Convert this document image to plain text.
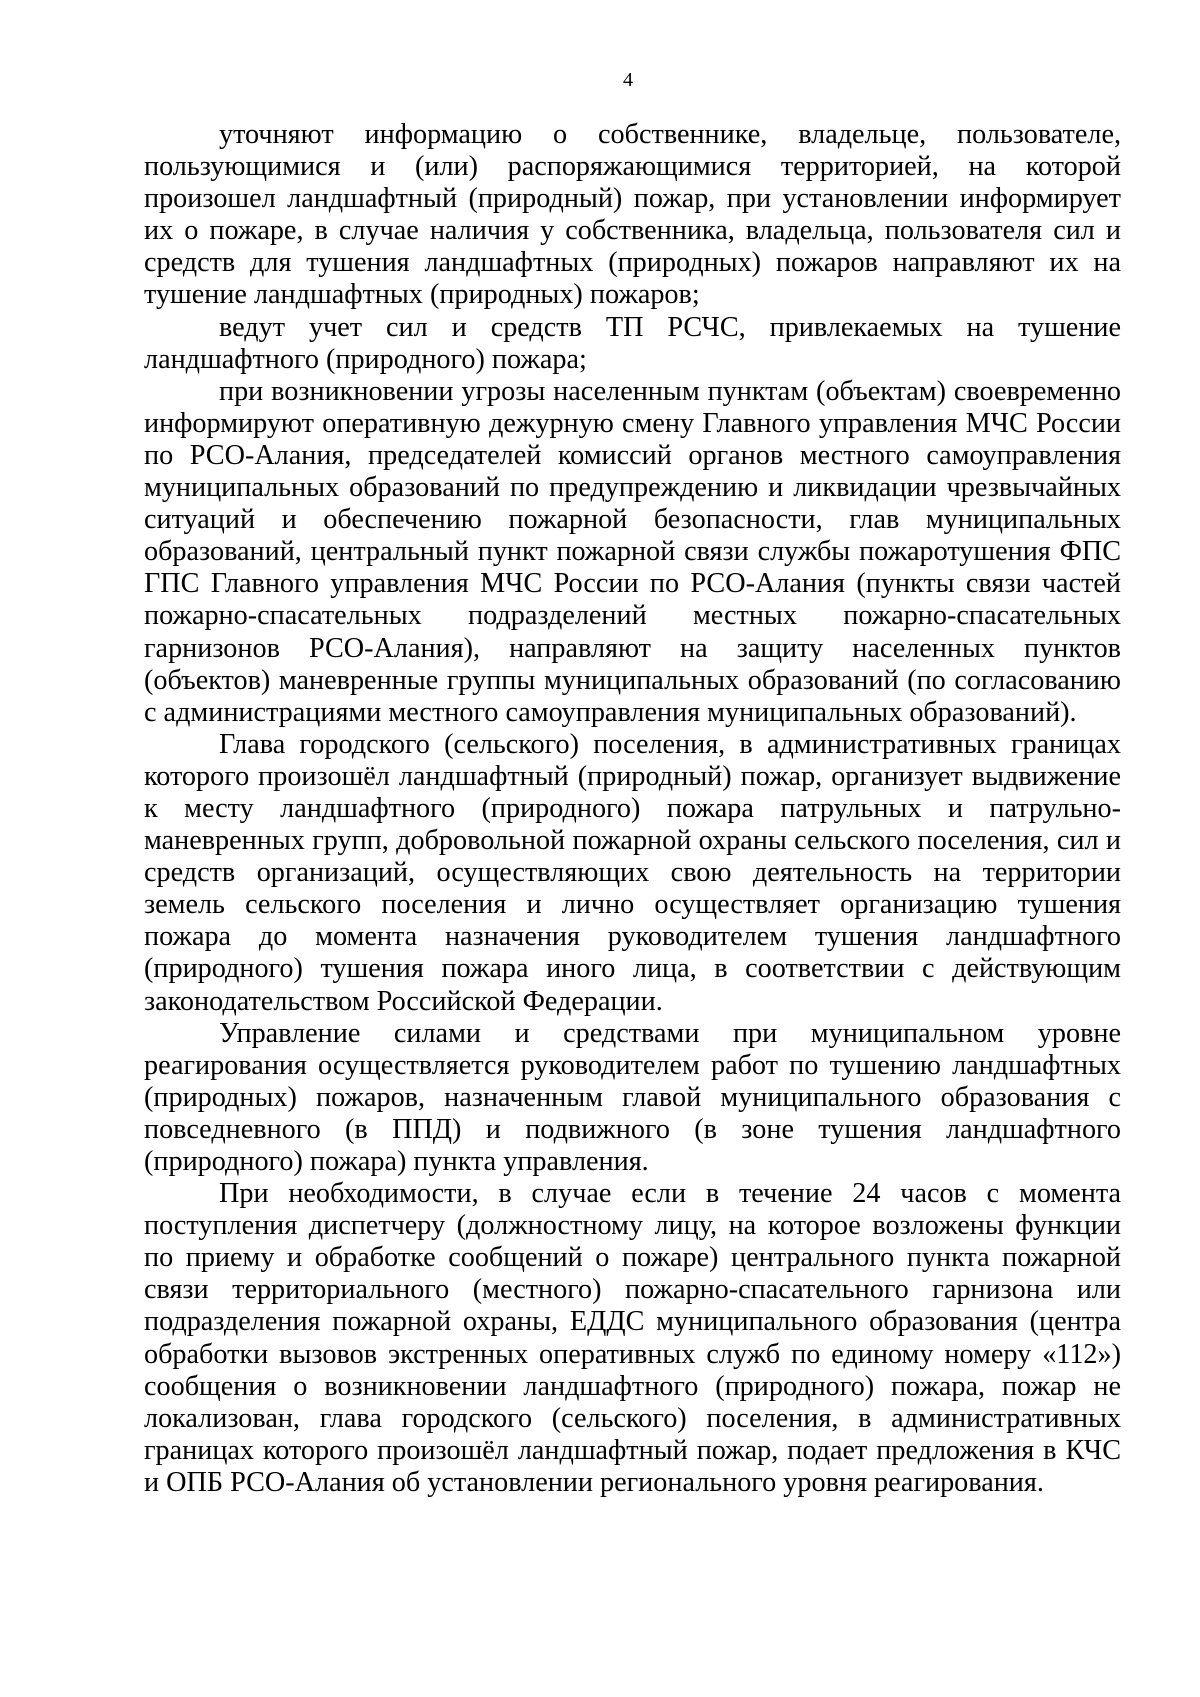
4

уточняют информацию о собственнике, владельце, пользователе, пользующимися и (или) распоряжающимися территорией, на которой произошел ландшафтный (природный) пожар, при установлении информирует их о пожаре, в случае наличия у собственника, владельца, пользователя сил и средств для тушения ландшафтных (природных) пожаров направляют их на тушение ландшафтных (природных) пожаров;

ведут учет сил и средств ТП РСЧС, привлекаемых на тушение ландшафтного (природного) пожара;

при возникновении угрозы населенным пунктам (объектам) своевременно информируют оперативную дежурную смену Главного управления МЧС России по РСО-Алания, председателей комиссий органов местного самоуправления муниципальных образований по предупреждению и ликвидации чрезвычайных ситуаций и обеспечению пожарной безопасности, глав муниципальных образований, центральный пункт пожарной связи службы пожаротушения ФПС ГПС Главного управления МЧС России по РСО-Алания (пункты связи частей пожарно-спасательных подразделений местных пожарно-спасательных гарнизонов РСО-Алания), направляют на защиту населенных пунктов (объектов) маневренные группы муниципальных образований (по согласованию с администрациями местного самоуправления муниципальных образований).

Глава городского (сельского) поселения, в административных границах которого произошёл ландшафтный (природный) пожар, организует выдвижение к месту ландшафтного (природного) пожара патрульных и патрульно-маневренных групп, добровольной пожарной охраны сельского поселения, сил и средств организаций, осуществляющих свою деятельность на территории земель сельского поселения и лично осуществляет организацию тушения пожара до момента назначения руководителем тушения ландшафтного (природного) тушения пожара иного лица, в соответствии с действующим законодательством Российской Федерации.

Управление силами и средствами при муниципальном уровне реагирования осуществляется руководителем работ по тушению ландшафтных (природных) пожаров, назначенным главой муниципального образования с повседневного (в ППД) и подвижного (в зоне тушения ландшафтного (природного) пожара) пункта управления.

При необходимости, в случае если в течение 24 часов с момента поступления диспетчеру (должностному лицу, на которое возложены функции по приему и обработке сообщений о пожаре) центрального пункта пожарной связи территориального (местного) пожарно-спасательного гарнизона или подразделения пожарной охраны, ЕДДС муниципального образования (центра обработки вызовов экстренных оперативных служб по единому номеру «112») сообщения о возникновении ландшафтного (природного) пожара, пожар не локализован, глава городского (сельского) поселения, в административных границах которого произошёл ландшафтный пожар, подает предложения в КЧС и ОПБ РСО-Алания об установлении регионального уровня реагирования.
